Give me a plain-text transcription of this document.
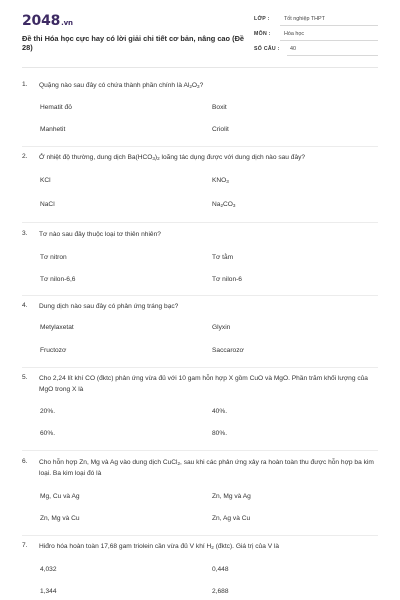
2048.vn
Đề thi Hóa học cực hay có lời giải chi tiết cơ bản, nâng cao (Đề 28)
LỚP :	Tốt nghiệp THPT
MÔN : Hóa học
SỐ CÂU : 40
1. Quặng nào sau đây có chứa thành phần chính là $Al_2O_3$?
Hematit đỏ	Boxit
Manhetit	Criolit
2. Ở nhiệt độ thường, dung dịch $Ba(HCO_3)_2$ loãng tác dụng được với dung dịch nào sau đây?
KCl	$KNO_3$
NaCl	$Na_2CO_3$
3. Tơ nào sau đây thuộc loại tơ thiên nhiên?
Tơ nitron	Tơ tằm
Tơ nilon-6,6	Tơ nilon-6
4. Dung dịch nào sau đây có phản ứng tráng bạc?
Metylaxetat	Glyxin
Fructozơ	Saccarozơ
5. Cho 2,24 lít khí CO (đktc) phản ứng vừa đủ với 10 gam hỗn hợp X gồm CuO và MgO. Phần trăm khối lượng của MgO trong X là
20%.	40%.
60%.	80%.
6. Cho hỗn hợp Zn, Mg và Ag vào dung dịch CuCl$_2$, sau khi các phản ứng xảy ra hoàn toàn thu được hỗn hợp ba kim loại. Ba kim loại đó là
Mg, Cu và Ag	Zn, Mg và Ag
Zn, Mg và Cu	Zn, Ag và Cu
7. Hiđro hóa hoàn toàn 17,68 gam triolein cần vừa đủ V khí $H_2$ (đktc). Giá trị của V là
4,032	0,448
1,344	2,688
